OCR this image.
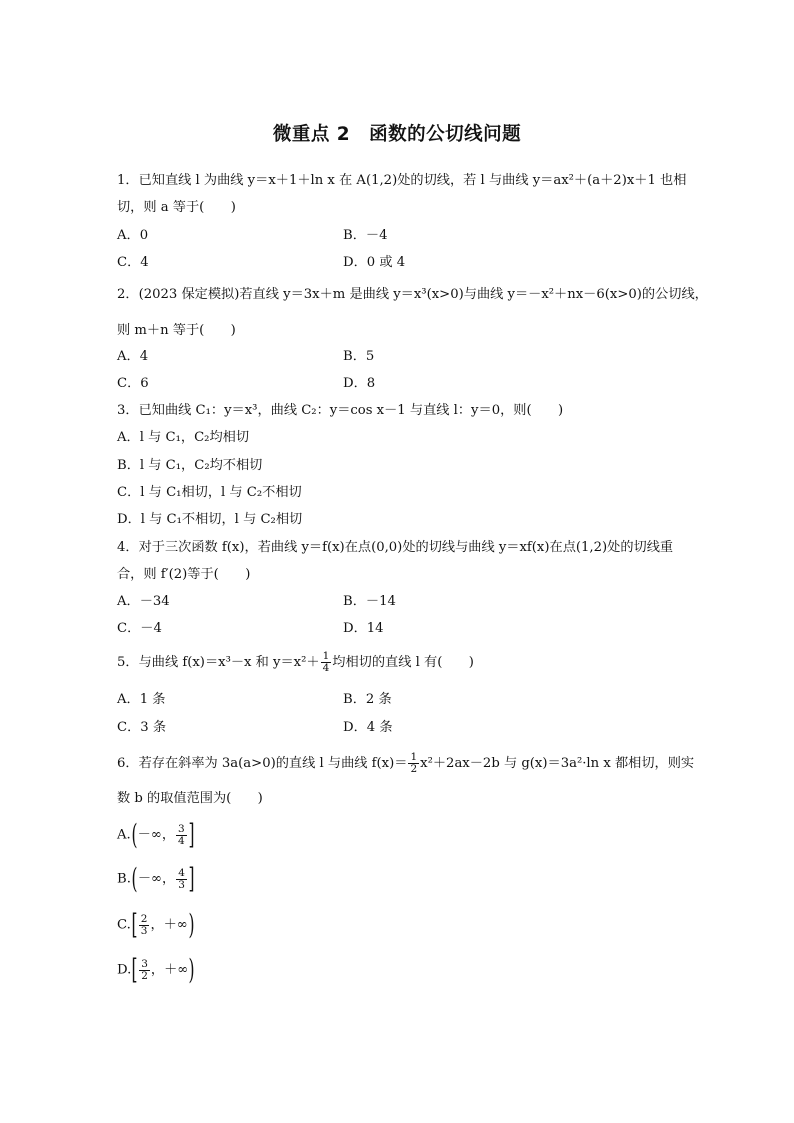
微重点 2　函数的公切线问题
1．已知直线 l 为曲线 y＝x＋1＋ln x 在 A(1,2)处的切线，若 l 与曲线 y＝ax²＋(a＋2)x＋1 也相
切，则 a 等于(　　)
A．0	B．－4
C．4	D．0 或 4
2．(2023 保定模拟)若直线 y＝3x＋m 是曲线 y＝x³(x>0)与曲线 y＝－x²＋nx－6(x>0)的公切线，
则 m＋n 等于(　　)
A．4	B．5
C．6	D．8
3．已知曲线 C₁：y＝x³，曲线 C₂：y＝cos x－1 与直线 l：y＝0，则(　　)
A．l 与 C₁，C₂均相切
B．l 与 C₁，C₂均不相切
C．l 与 C₁相切，l 与 C₂不相切
D．l 与 C₁不相切，l 与 C₂相切
4．对于三次函数 f(x)，若曲线 y＝f(x)在点(0,0)处的切线与曲线 y＝xf(x)在点(1,2)处的切线重
合，则 f′(2)等于(　　)
A．－34	B．－14
C．－4	D．14
5．与曲线 f(x)＝x³－x 和 $y=x^2+ \frac{1}{4}$ 均相切的直线 l 有(　　)
A．1 条	B．2 条
C．3 条	D．4 条
6．若存在斜率为 3a(a>0)的直线 l 与曲线 $f(x)= \frac{1}{2} x^2+2ax-2b$ 与 g(x)＝3a²·ln x 都相切，则实
数 b 的取值范围为(　　)
A.(－∞， $\frac{3}{4}$ ]
B.(－∞， $\frac{4}{3}$ ]
$C.[ \frac{2}{3}$ ，＋∞)
$D.[ \frac{3}{2}$ ，＋∞)
